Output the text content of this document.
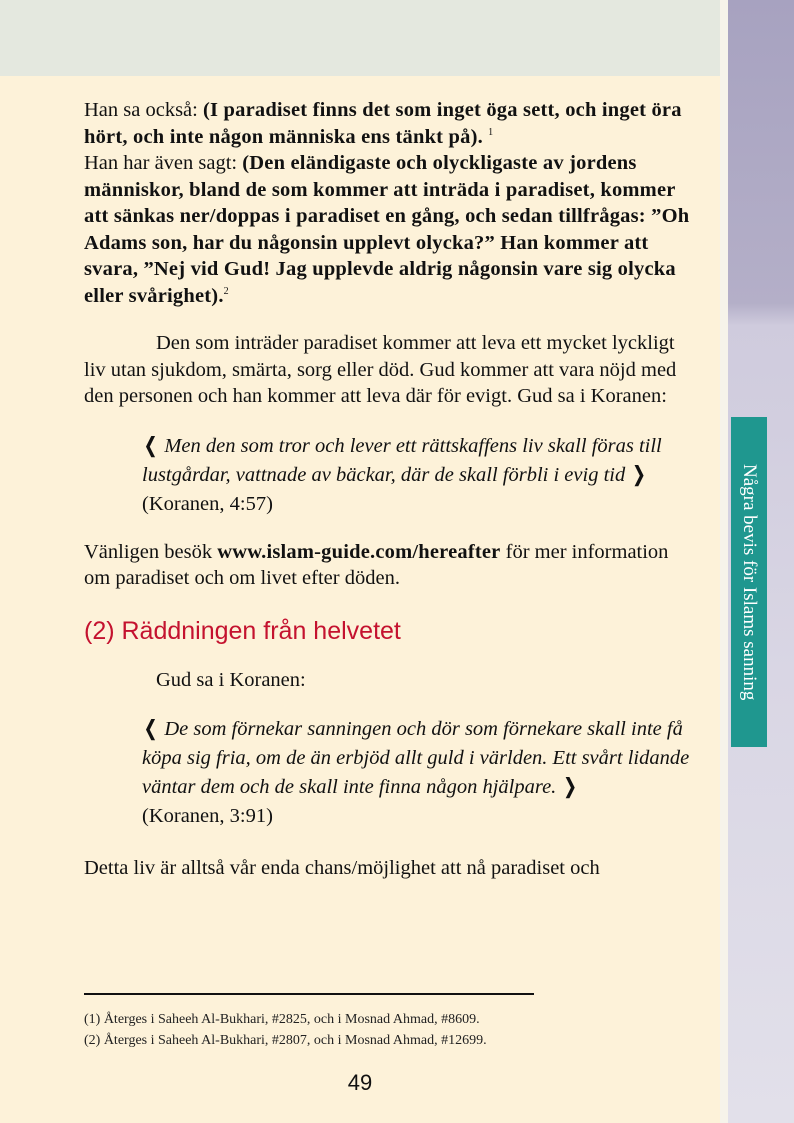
Några bevis för Islams sanning

Han sa också: (I paradiset finns det som inget öga sett, och inget öra hört, och inte någon människa ens tänkt på). $^1$
Han har även sagt: (Den eländigaste och olyckligaste av jordens människor, bland de som kommer att inträda i paradiset, kommer att sänkas ner/doppas i paradiset en gång, och sedan tillfrågas: ”Oh Adams son, har du någonsin upplevt olycka?” Han kommer att svara, ”Nej vid Gud! Jag upplevde aldrig någonsin vare sig olycka eller svårighet).$^2$

Den som inträder paradiset kommer att leva ett mycket lyckligt liv utan sjukdom, smärta, sorg eller död. Gud kommer att vara nöjd med den personen och han kommer att leva där för evigt. Gud sa i Koranen:

❬ Men den som tror och lever ett rättskaffens liv skall föras till lustgårdar, vattnade av bäckar, där de skall förbli i evig tid ❭
(Koranen, 4:57)

Vänligen besök www.islam-guide.com/hereafter för mer information om paradiset och om livet efter döden.

(2) Räddningen från helvetet

Gud sa i Koranen:

❬ De som förnekar sanningen och dör som förnekare skall inte få köpa sig fria, om de än erbjöd allt guld i världen. Ett svårt lidande väntar dem och de skall inte finna någon hjälpare. ❭
(Koranen, 3:91)

Detta liv är alltså vår enda chans/möjlighet att nå paradiset och

(1) Återges i Saheeh Al-Bukhari, #2825, och i Mosnad Ahmad, #8609.
(2) Återges i Saheeh Al-Bukhari, #2807, och i Mosnad Ahmad, #12699.
49
